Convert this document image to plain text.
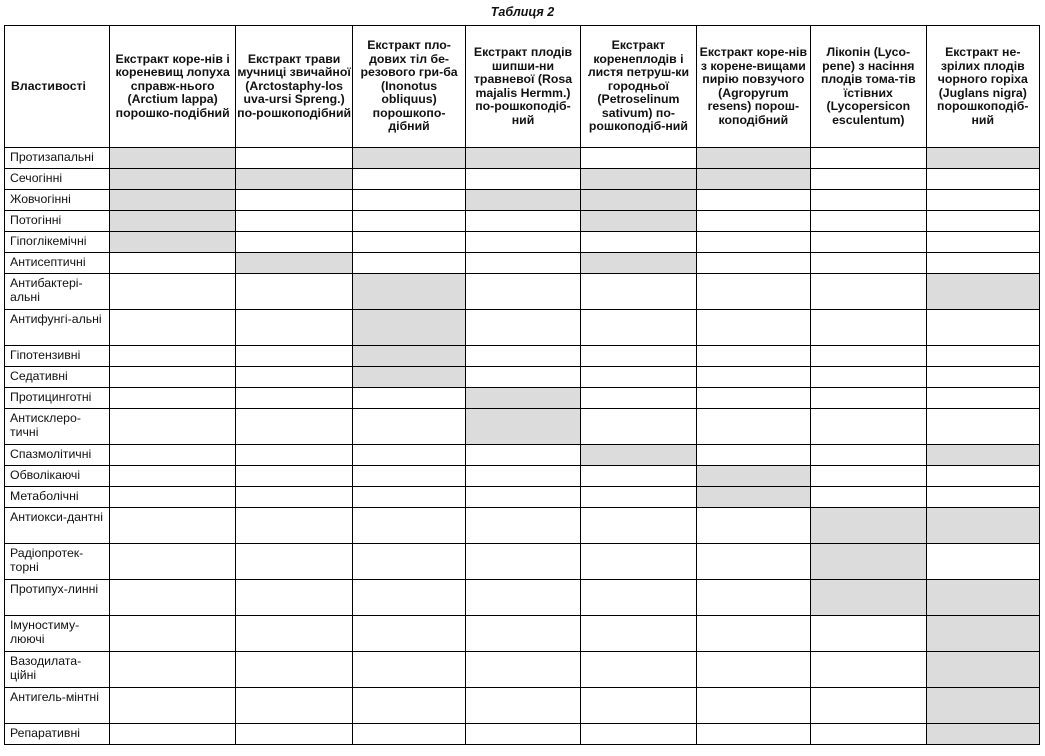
Таблиця 2
Властивості	Екстракт коре-нів і кореневищ лопуха справж-нього (Arctium lappa) порошко-подібний	Екстракт трави мучниці звичайної (Arctostaphy-los uva-ursi Spreng.) по-рошкоподібний	Екстракт пло-дових тіл бе-резового гри-ба (Inonotus obliquus) порошкопо-дібний	Екстракт плодів шипши-ни травневої (Rosa majalis Hermm.) по-рошкоподіб-ний	Екстракт коренеплодів і листя петруш-ки городньої (Petroselinum sativum) по-рошкоподіб-ний	Екстракт коре-нів з корене-вищами пирію повзучого (Agropyrum resens) порош-коподібний	Лікопін (Lyco-pene) з насіння плодів тома-тів їстівних (Lycopersicon esculentum)	Екстракт не-зрілих плодів чорного горіха (Juglans nigra) порошкоподіб-ний
Протизапальні								
Сечогінні								
Жовчогінні								
Потогінні								
Гіпоглікемічні								
Антисептичні								
Антибактері-альні								
Антифунгі-альні								
Гіпотензивні								
Седативні								
Протицинготні								
Антисклеро-тичні								
Спазмолітичні								
Обволікаючі								
Метаболічні								
Антиокси-дантні								
Радіопротек-торні								
Протипух-линні								
Імуностиму-люючі								
Вазодилата-ційні								
Антигель-мінтні								
Репаративні								
